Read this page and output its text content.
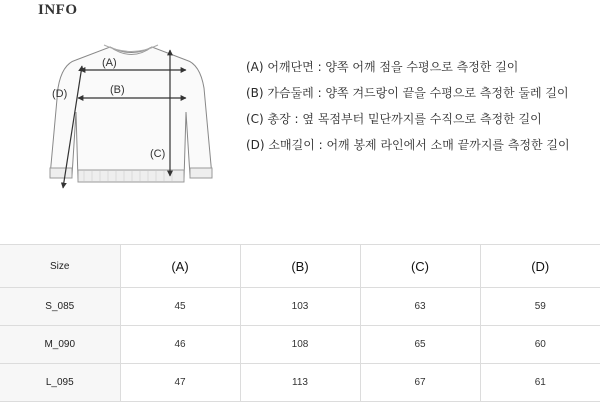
INFO
(A)
(B)
(C)
(D)
(A) 어깨단면 : 양쪽 어깨 점을 수평으로 측정한 길이
(B) 가슴둘레 : 양쪽 겨드랑이 끝을 수평으로 측정한 둘레 길이
(C) 총장 : 옆 목점부터 밑단까지를 수직으로 측정한 길이
(D) 소매길이 : 어깨 봉제 라인에서 소매 끝까지를 측정한 길이
Size	(A)	(B)	(C)	(D)
S_085	45	103	63	59
M_090	46	108	65	60
L_095	47	113	67	61
